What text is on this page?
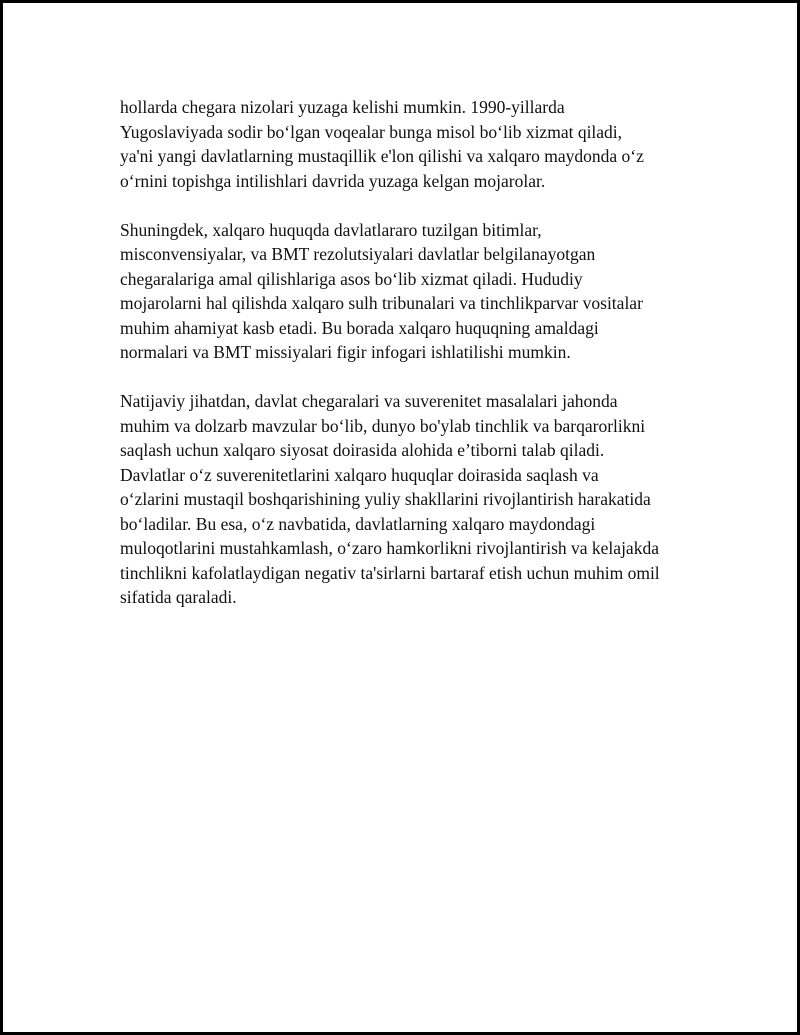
hollarda chegara nizolari yuzaga kelishi mumkin. 1990-yillarda
Yugoslaviyada sodir bo‘lgan voqealar bunga misol bo‘lib xizmat qiladi,
ya'ni yangi davlatlarning mustaqillik e'lon qilishi va xalqaro maydonda o‘z
o‘rnini topishga intilishlari davrida yuzaga kelgan mojarolar.

Shuningdek, xalqaro huquqda davlatlararo tuzilgan bitimlar,
misconvensiyalar, va BMT rezolutsiyalari davlatlar belgilanayotgan
chegaralariga amal qilishlariga asos bo‘lib xizmat qiladi. Hududiy
mojarolarni hal qilishda xalqaro sulh tribunalari va tinchlikparvar vositalar
muhim ahamiyat kasb etadi. Bu borada xalqaro huquqning amaldagi
normalari va BMT missiyalari figir infogari ishlatilishi mumkin.

Natijaviy jihatdan, davlat chegaralari va suverenitet masalalari jahonda
muhim va dolzarb mavzular bo‘lib, dunyo bo'ylab tinchlik va barqarorlikni
saqlash uchun xalqaro siyosat doirasida alohida e’tiborni talab qiladi.
Davlatlar o‘z suverenitetlarini xalqaro huquqlar doirasida saqlash va
o‘zlarini mustaqil boshqarishining yuliy shakllarini rivojlantirish harakatida
bo‘ladilar. Bu esa, o‘z navbatida, davlatlarning xalqaro maydondagi
muloqotlarini mustahkamlash, o‘zaro hamkorlikni rivojlantirish va kelajakda
tinchlikni kafolatlaydigan negativ ta'sirlarni bartaraf etish uchun muhim omil
sifatida qaraladi.
